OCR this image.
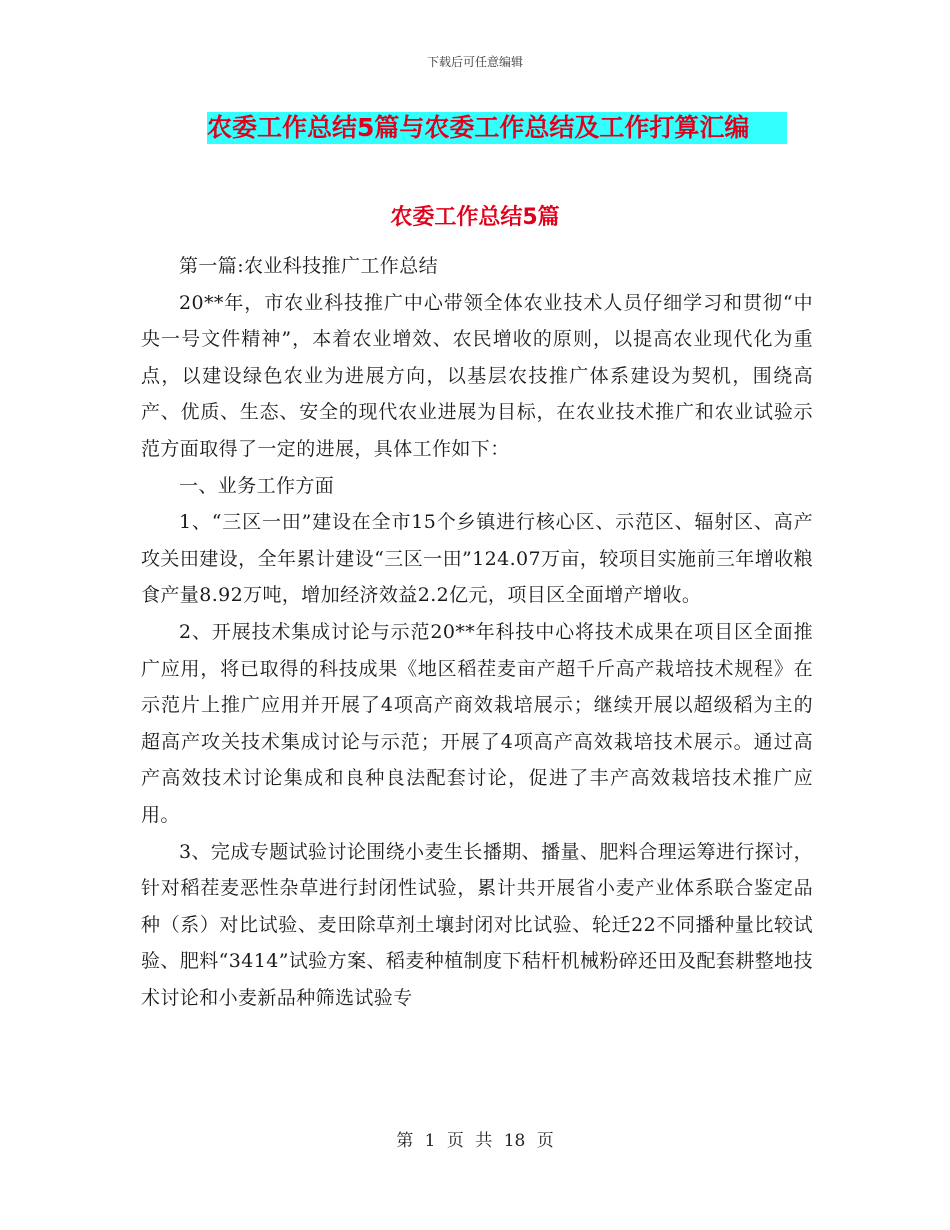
下载后可任意编辑
农委工作总结5篇与农委工作总结及工作打算汇编
农委工作总结5篇

第一篇:农业科技推广工作总结

20**年，市农业科技推广中心带领全体农业技术人员仔细学习和贯彻“中央一号文件精神”，本着农业增效、农民增收的原则，以提高农业现代化为重点，以建设绿色农业为进展方向，以基层农技推广体系建设为契机，围绕高产、优质、生态、安全的现代农业进展为目标，在农业技术推广和农业试验示范方面取得了一定的进展，具体工作如下：

一、业务工作方面

1、“三区一田”建设在全市15个乡镇进行核心区、示范区、辐射区、高产攻关田建设，全年累计建设“三区一田”124.07万亩，较项目实施前三年增收粮食产量8.92万吨，增加经济效益2.2亿元，项目区全面增产增收。

2、开展技术集成讨论与示范20**年科技中心将技术成果在项目区全面推广应用，将已取得的科技成果《地区稻茬麦亩产超千斤高产栽培技术规程》在示范片上推广应用并开展了4项高产商效栽培展示；继续开展以超级稻为主的超高产攻关技术集成讨论与示范；开展了4项高产高效栽培技术展示。通过高产高效技术讨论集成和良种良法配套讨论，促进了丰产高效栽培技术推广应用。

3、完成专题试验讨论围绕小麦生长播期、播量、肥料合理运筹进行探讨，针对稻茬麦恶性杂草进行封闭性试验，累计共开展省小麦产业体系联合鉴定品种（系）对比试验、麦田除草剂土壤封闭对比试验、轮迁22不同播种量比较试验、肥料“3414”试验方案、稻麦种植制度下秸杆机械粉碎还田及配套耕整地技术讨论和小麦新品种筛选试验专

第 1 页 共 18 页
